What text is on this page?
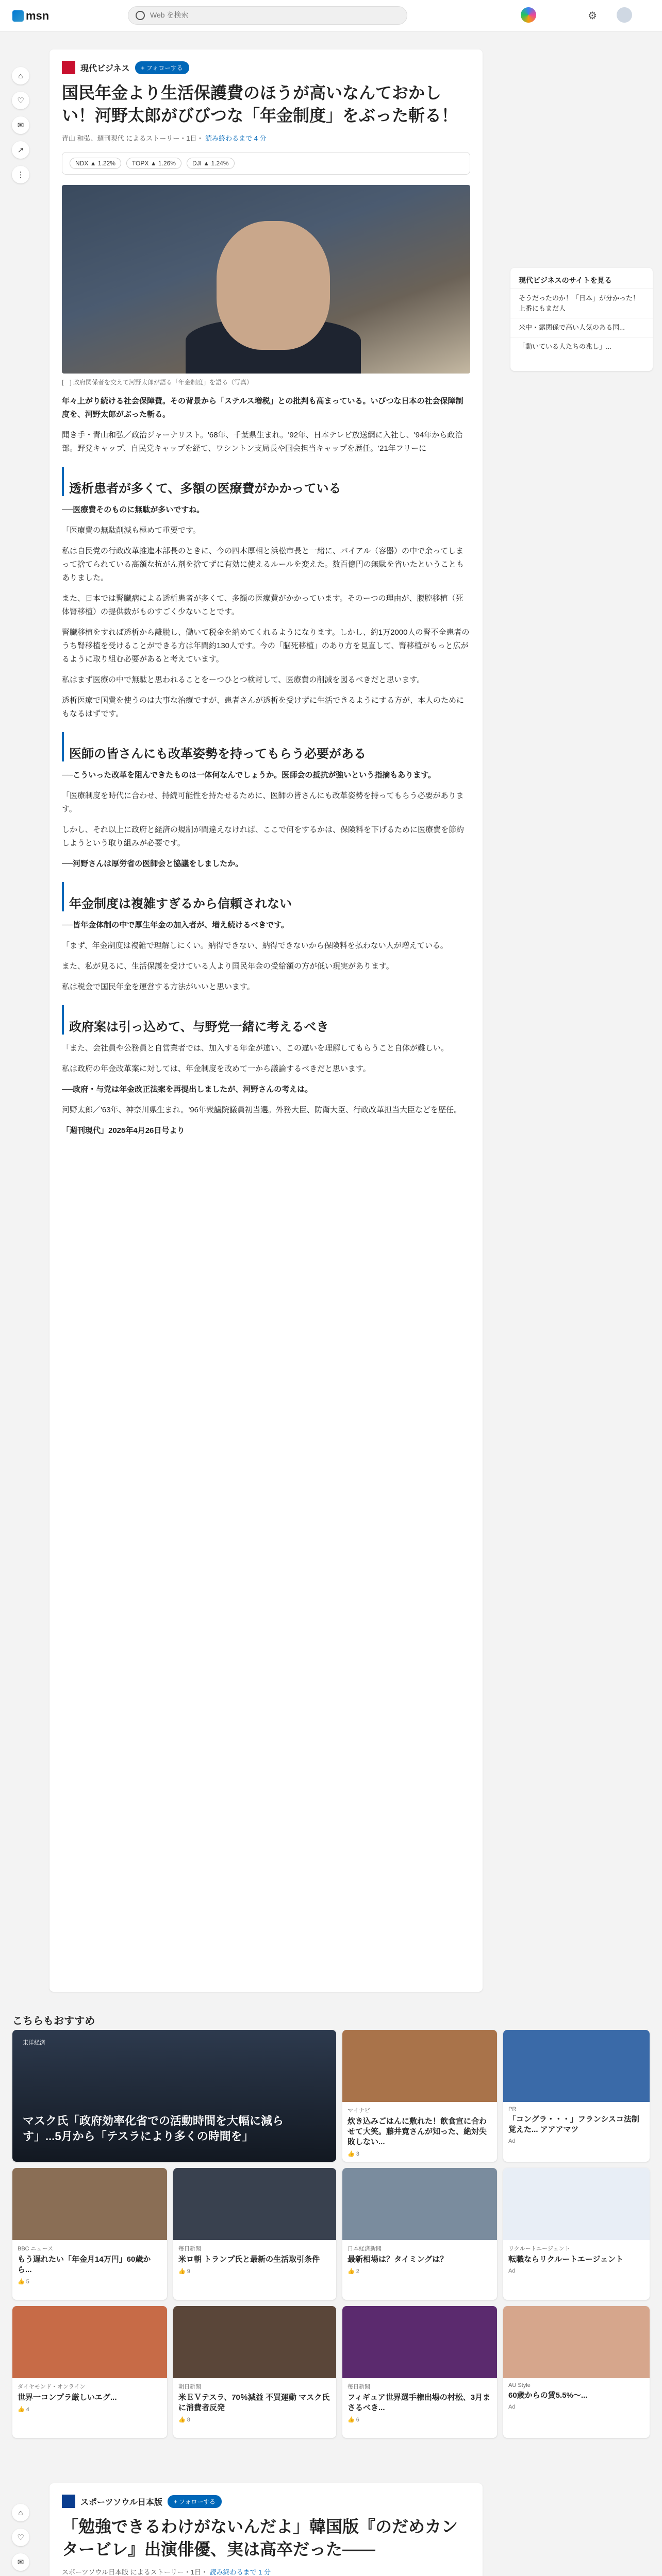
msn
Web を検索	⚙
⌂
♡
✉
↗
⋮
現代ビジネス	+ フォローする
国民年金より生活保護費のほうが高いなんておかしい！河野太郎がびびつな「年金制度」をぶった斬る！
青山 和弘、週刊現代 によるストーリー・1日・ 読み終わるまで 4 分
NDX ▲ 1.22%	TOPX ▲ 1.26%	DJI ▲ 1.24%
[　] 政府関係者を交えて河野太郎が語る「年金制度」を語る（写真）
年々上がり続ける社会保障費。その背景から「ステルス増税」との批判も高まっている。いびつな日本の社会保障制度を、河野太郎がぶった斬る。
聞き手・青山和弘／政治ジャーナリスト。'68年、千葉県生まれ。'92年、日本テレビ放送網に入社し、'94年から政治部。野党キャップ、自民党キャップを経て、ワシントン支局長や国会担当キャップを歴任。'21年フリーに
透析患者が多くて、多額の医療費がかかっている
──医療費そのものに無駄が多いですね。
「医療費の無駄削減も極めて重要です。
私は自民党の行政改革推進本部長のときに、今の四本厚相と浜松市長と一緒に、バイアル（容器）の中で余ってしまって捨てられている高額な抗がん剤を捨てずに有効に使えるルールを変えた。数百億円の無駄を省いたということもありました。
また、日本では腎臓病による透析患者が多くて、多額の医療費がかかっています。そのーつの理由が、腹腔移植（死体腎移植）の提供数がものすごく少ないことです。
腎臓移植をすれば透析から離脱し、働いて税金を納めてくれるようになります。しかし、約1万2000人の腎不全患者のうち腎移植を受けることができる方は年間約130人です。今の「脳死移植」のあり方を見直して、腎移植がもっと広がるように取り組む必要があると考えています。
私はまず医療の中で無駄と思われることをーつひとつ検討して、医療費の削減を図るべきだと思います。
透析医療で国費を使うのは大事な治療ですが、患者さんが透析を受けずに生活できるようにする方が、本人のためにもなるはずです。
医師の皆さんにも改革姿勢を持ってもらう必要がある
──こういった改革を阻んできたものは一体何なんでしょうか。医師会の抵抗が強いという指摘もあります。
「医療制度を時代に合わせ、持続可能性を持たせるために、医師の皆さんにも改革姿勢を持ってもらう必要があります。
しかし、それ以上に政府と経済の規制が間違えなければ、ここで何をするかは、保険料を下げるために医療費を節約しようという取り組みが必要です。
──河野さんは厚労省の医師会と協議をしましたか。
年金制度は複雑すぎるから信頼されない
──皆年金体制の中で厚生年金の加入者が、増え続けるべきです。
「まず、年金制度は複雑で理解しにくい。納得できない、納得できないから保険料を払わない人が増えている。
また、私が見るに、生活保護を受けている人より国民年金の受給額の方が低い現実があります。
私は税金で国民年金を運営する方法がいいと思います。
政府案は引っ込めて、与野党一緒に考えるべき
「また、会社員や公務員と自営業者では、加入する年金が違い、この違いを理解してもらうこと自体が難しい。
私は政府の年金改革案に対しては、年金制度を改めて一から議論するべきだと思います。
──政府・与党は年金改正法案を再提出しましたが、河野さんの考えは。
河野太郎／'63年、神奈川県生まれ。'96年衆議院議員初当選。外務大臣、防衛大臣、行政改革担当大臣などを歴任。
「週刊現代」2025年4月26日号より
現代ビジネスのサイトを見る
そうだったのか！「日本」が分かった！上番にもまだ人
米中・露関係で高い人気のある国...
「動いている人たちの兆し」...
こちらもおすすめ
東洋経済
マスク氏「政府効率化省での活動時間を大幅に減らす」...5月から「テスラにより多くの時間を」
マイナビ
炊き込みごはんに敷れた！飲食宣に合わせて大笑。藤井寛さんが知った、絶対失敗しない...
👍 3
PR
「コングラ・・・」フランシスコ法制覚えた... アアアマツ
Ad
BBC ニュース
もう遅れたい「年金月14万円」60歳から...
👍 5
毎日新聞
米ロ朝 トランプ氏と最新の生活取引条件
👍 9
日本経済新聞
最新相場は？タイミングは？
👍 2
リクルートエージェント
転職ならリクルートエージェント
Ad
ダイヤモンド・オンライン
世界一コンプラ厳しいエグ...
👍 4
朝日新聞
米ＥＶテスラ、70％減益 不買運動 マスク氏に消費者反発
👍 8
毎日新聞
フィギュア世界選手権出場の村松、3月まさるべき...
👍 6
AU Style
60歳からの賃5.5%～...
Ad
⌂
♡
✉
スポーツソウル日本版	+ フォローする
「勉強できるわけがないんだよ」韓国版『のだめカンタービレ』出演俳優、実は高卒だった――
スポーツソウル日本版 によるストーリー・1日・ 読み終わるまで 1 分
